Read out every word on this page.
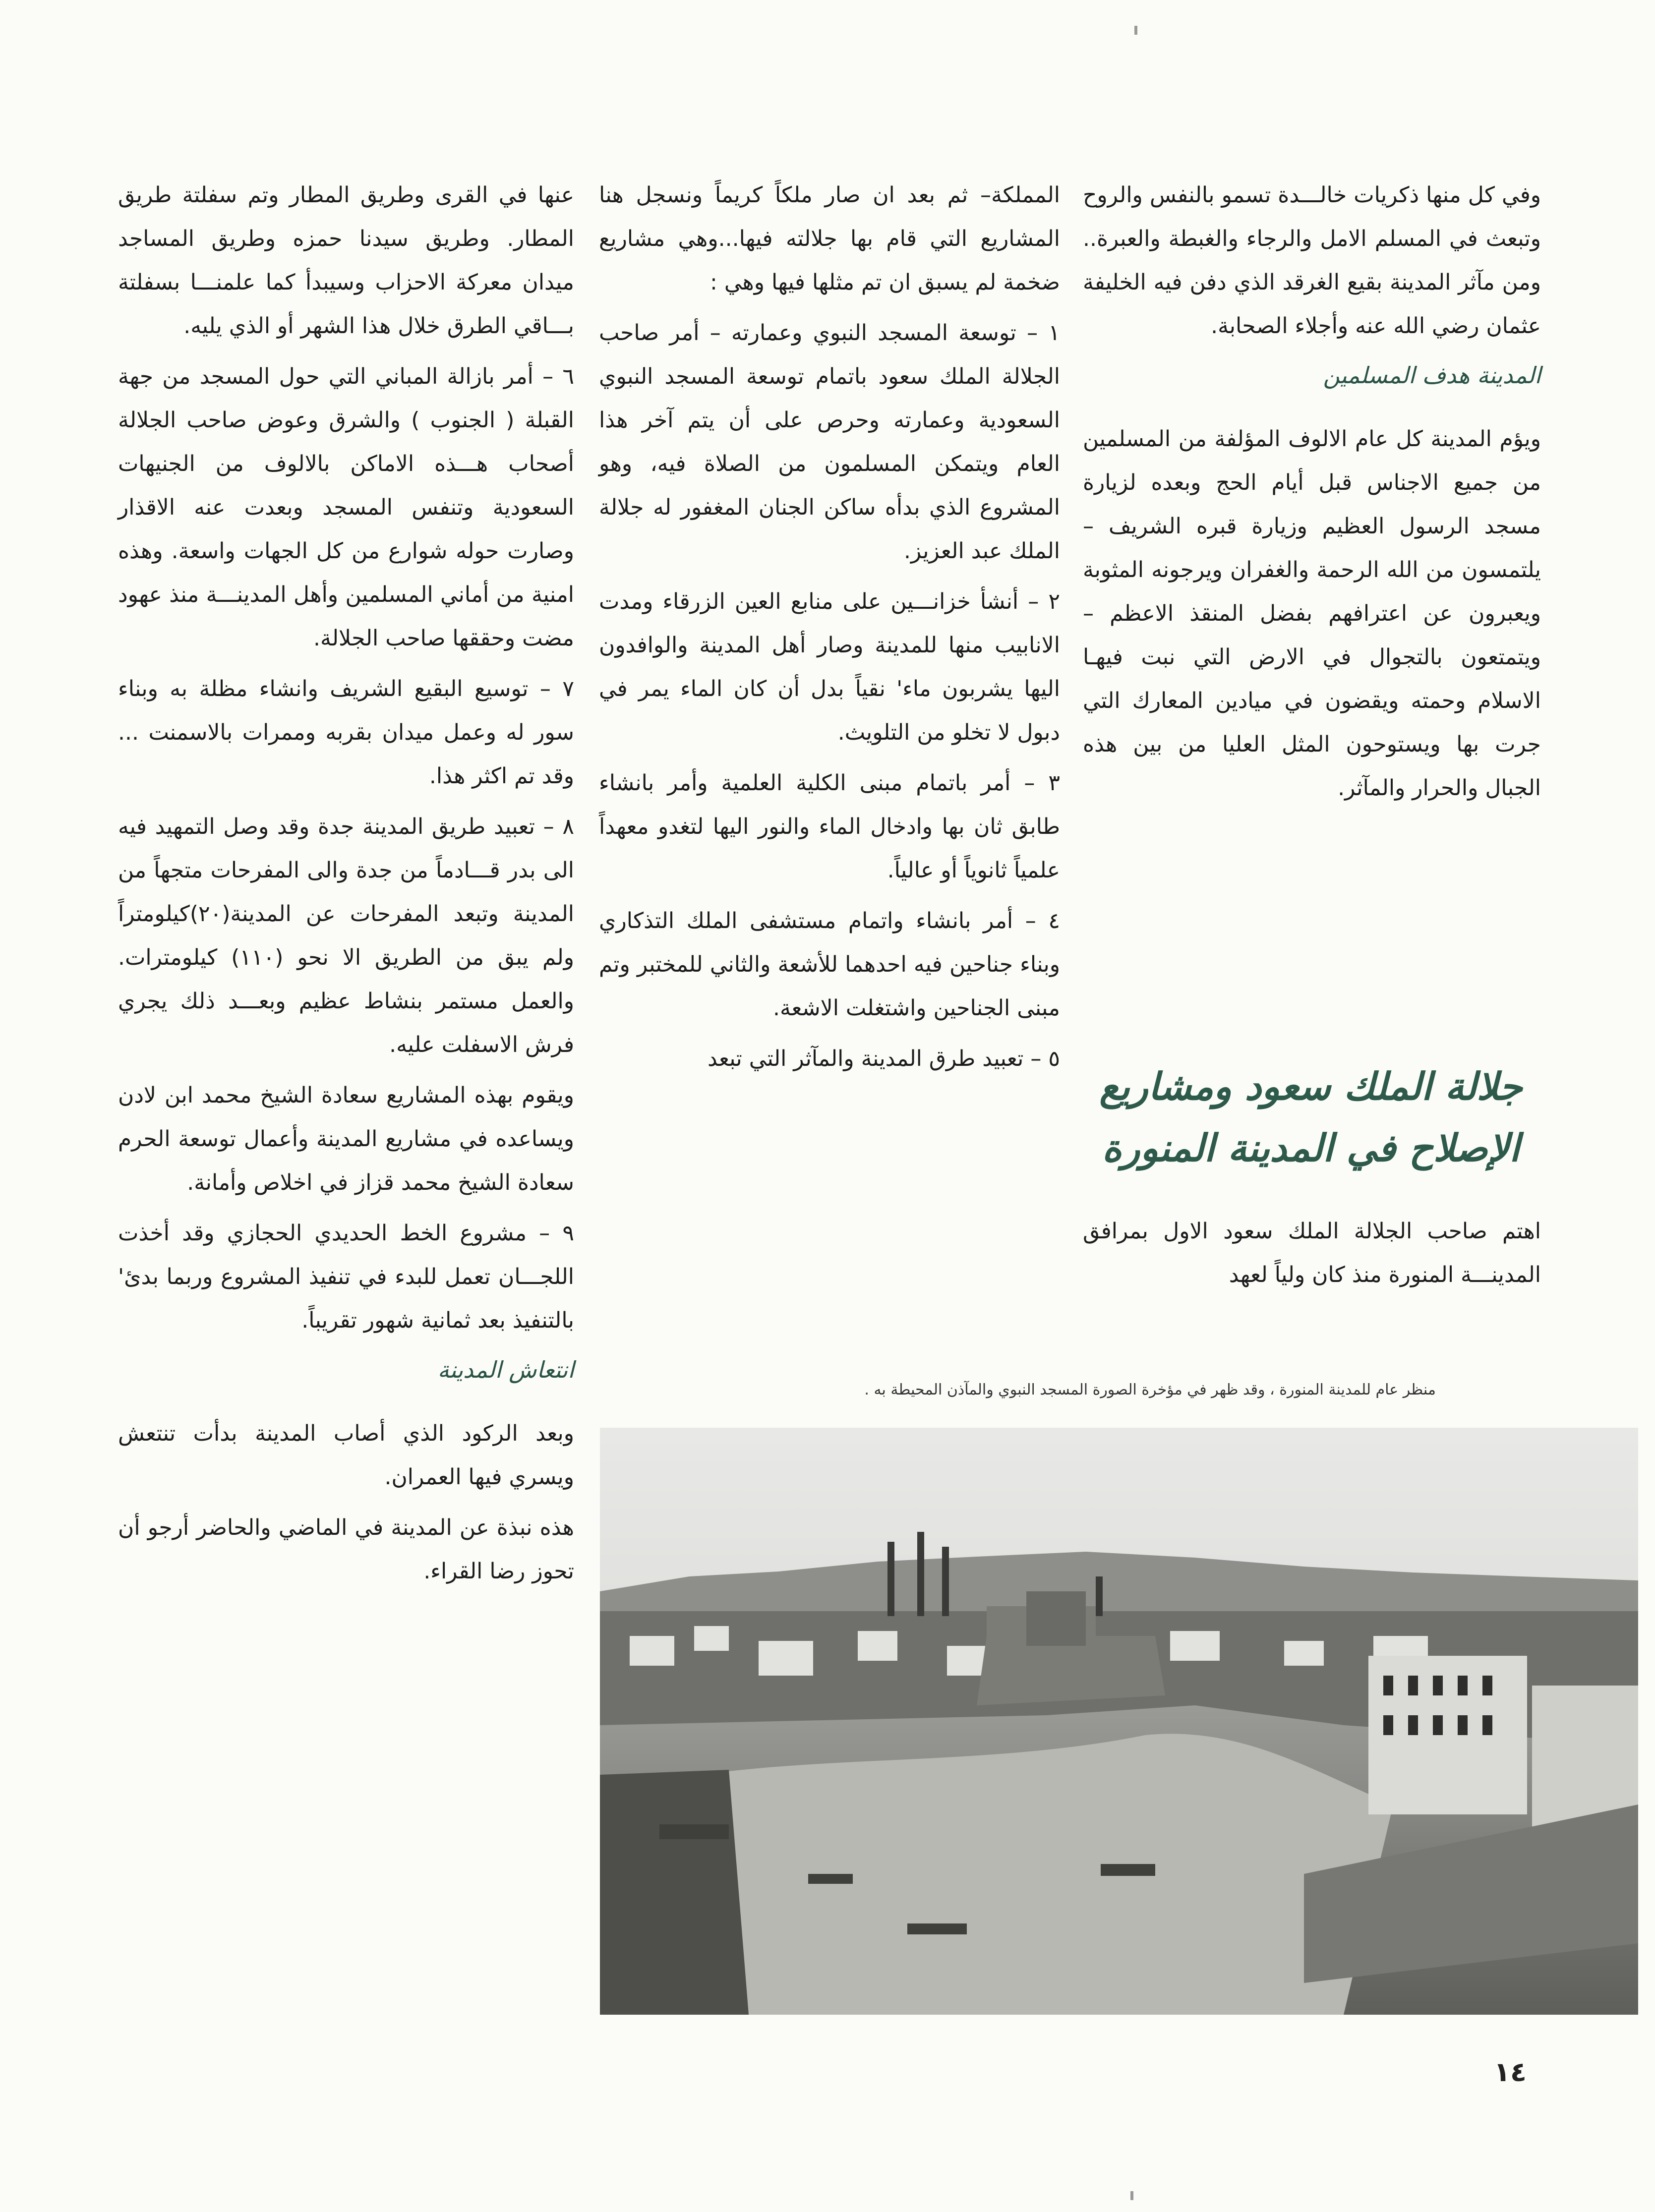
وفي كل منها ذكريات خالـــدة تسمو بالنفس والروح وتبعث في المسلم الامل والرجاء والغبطة والعبرة.. ومن مآثر المدينة بقيع الغرقد الذي دفن فيه الخليفة عثمان رضي الله عنه وأجلاء الصحابة.

المدينة هدف المسلمين

ويؤم المدينة كل عام الالوف المؤلفة من المسلمين من جميع الاجناس قبل أيام الحج وبعده لزيارة مسجد الرسول العظيم وزيارة قبره الشريف – يلتمسون من الله الرحمة والغفران ويرجونه المثوبة ويعبرون عن اعترافهم بفضل المنقذ الاعظم – ويتمتعون بالتجوال في الارض التي نبت فيهـا الاسلام وحمته ويقضون في ميادين المعارك التي جرت بها ويستوحون المثل العليا من بين هذه الجبال والحرار والمآثر.

جلالة الملك سعود ومشاريع
الإصلاح في المدينة المنورة

اهتم صاحب الجلالة الملك سعود الاول بمرافق المدينـــة المنورة منذ كان ولياً لعهد

المملكة– ثم بعد ان صار ملكاً كريماً ونسجل هنا المشاريع التي قام بها جلالته فيها...وهي مشاريع ضخمة لم يسبق ان تم مثلها فيها وهي :

١ – توسعة المسجد النبوي وعمارته – أمر صاحب الجلالة الملك سعود باتمام توسعة المسجد النبوي السعودية وعمارته وحرص على أن يتم آخر هذا العام ويتمكن المسلمون من الصلاة فيه، وهو المشروع الذي بدأه ساكن الجنان المغفور له جلالة الملك عبد العزيز.

٢ – أنشأ خزانـــين على منابع العين الزرقاء ومدت الانابيب منها للمدينة وصار أهل المدينة والوافدون اليها يشربون ماء' نقياً بدل أن كان الماء يمر في دبول لا تخلو من التلويث.

٣ – أمر باتمام مبنى الكلية العلمية وأمر بانشاء طابق ثان بها وادخال الماء والنور اليها لتغدو معهداً علمياً ثانوياً أو عالياً.

٤ – أمر بانشاء واتمام مستشفى الملك التذكاري وبناء جناحين فيه احدهما للأشعة والثاني للمختبر وتم مبنى الجناحين واشتغلت الاشعة.

٥ – تعبيد طرق المدينة والمآثر التي تبعد

عنها في القرى وطريق المطار وتم سفلتة طريق المطار. وطريق سيدنا حمزه وطريق المساجد ميدان معركة الاحزاب وسيبدأ كما علمنـــا بسفلتة بـــاقي الطرق خلال هذا الشهر أو الذي يليه.

٦ – أمر بازالة المباني التي حول المسجد من جهة القبلة ( الجنوب ) والشرق وعوض صاحب الجلالة أصحاب هـــذه الاماكن بالالوف من الجنيهات السعودية وتنفس المسجد وبعدت عنه الاقذار وصارت حوله شوارع من كل الجهات واسعة. وهذه امنية من أماني المسلمين وأهل المدينـــة منذ عهود مضت وحققها صاحب الجلالة.

٧ – توسيع البقيع الشريف وانشاء مظلة به وبناء سور له وعمل ميدان بقربه وممرات بالاسمنت ... وقد تم اكثر هذا.

٨ – تعبيد طريق المدينة جدة وقد وصل التمهيد فيه الى بدر قـــادماً من جدة والى المفرحات متجهاً من المدينة وتبعد المفرحات عن المدينة(٢٠)كيلومتراً ولم يبق من الطريق الا نحو (١١٠) كيلومترات. والعمل مستمر بنشاط عظيم وبعـــد ذلك يجري فرش الاسفلت عليه.

ويقوم بهذه المشاريع سعادة الشيخ محمد ابن لادن ويساعده في مشاريع المدينة وأعمال توسعة الحرم سعادة الشيخ محمد قزاز في اخلاص وأمانة.

٩ – مشروع الخط الحديدي الحجازي وقد أخذت اللجـــان تعمل للبدء في تنفيذ المشروع وربما بدئ' بالتنفيذ بعد ثمانية شهور تقريباً.

انتعاش المدينة

وبعد الركود الذي أصاب المدينة بدأت تنتعش ويسري فيها العمران.

هذه نبذة عن المدينة في الماضي والحاضر أرجو أن تحوز رضا القراء.

منظر عام للمدينة المنورة ، وقد ظهر في مؤخرة الصورة المسجد النبوي والمآذن المحيطة به .
١٤
